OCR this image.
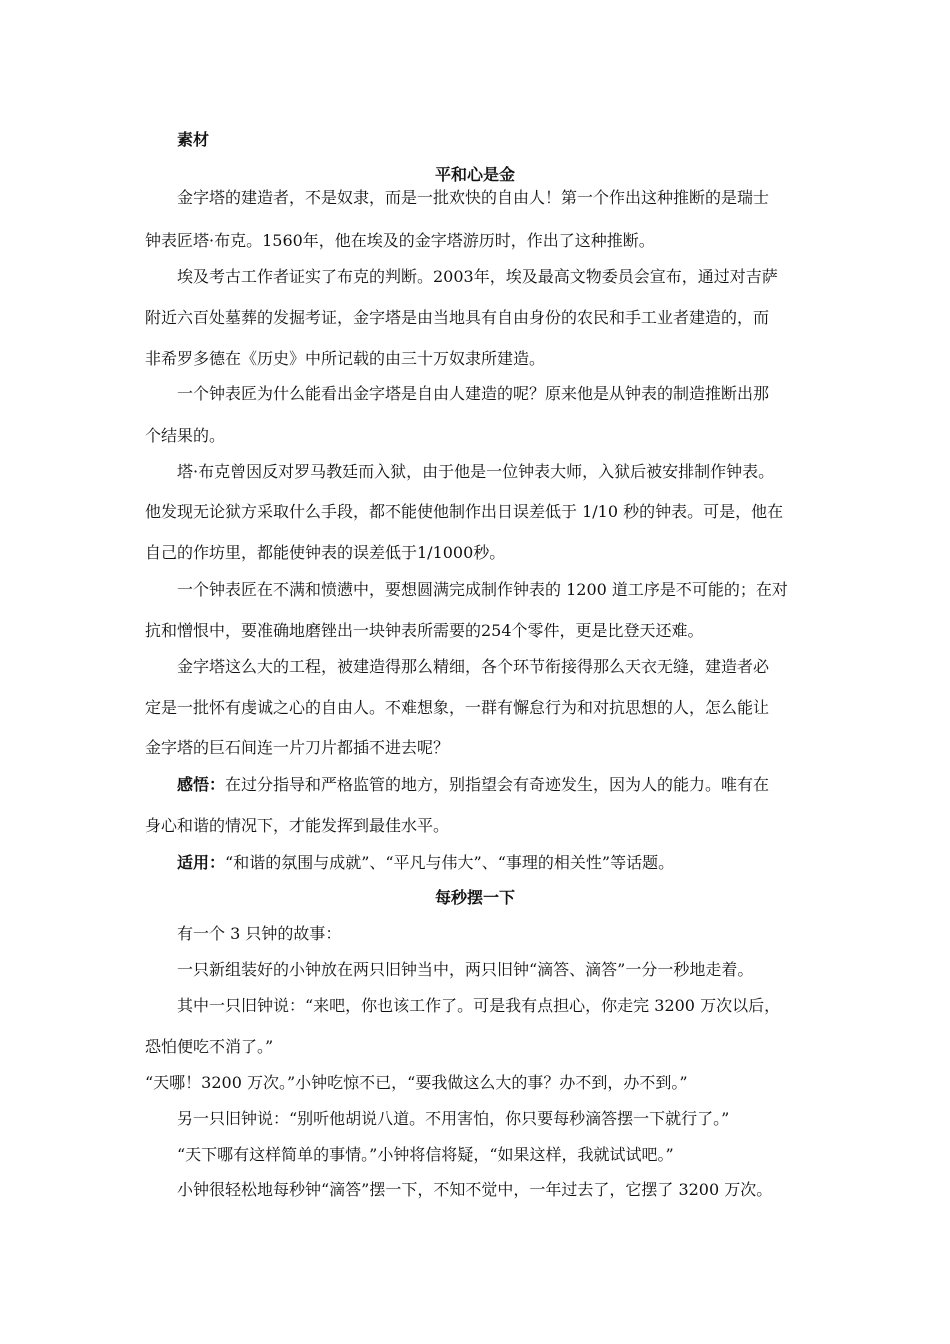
素材
平和心是金
金字塔的建造者，不是奴隶，而是一批欢快的自由人！第一个作出这种推断的是瑞士
钟表匠塔·布克。1560年，他在埃及的金字塔游历时，作出了这种推断。
埃及考古工作者证实了布克的判断。2003年，埃及最高文物委员会宣布，通过对吉萨
附近六百处墓葬的发掘考证，金字塔是由当地具有自由身份的农民和手工业者建造的，而
非希罗多德在《历史》中所记载的由三十万奴隶所建造。
一个钟表匠为什么能看出金字塔是自由人建造的呢？原来他是从钟表的制造推断出那
个结果的。
塔·布克曾因反对罗马教廷而入狱，由于他是一位钟表大师，入狱后被安排制作钟表。
他发现无论狱方采取什么手段，都不能使他制作出日误差低于 1/10 秒的钟表。可是，他在
自己的作坊里，都能使钟表的误差低于1/1000秒。
一个钟表匠在不满和愤懑中，要想圆满完成制作钟表的 1200 道工序是不可能的；在对
抗和憎恨中，要准确地磨锉出一块钟表所需要的254个零件，更是比登天还难。
金字塔这么大的工程，被建造得那么精细，各个环节衔接得那么天衣无缝，建造者必
定是一批怀有虔诚之心的自由人。不难想象，一群有懈怠行为和对抗思想的人，怎么能让
金字塔的巨石间连一片刀片都插不进去呢？
感悟：在过分指导和严格监管的地方，别指望会有奇迹发生，因为人的能力。唯有在
身心和谐的情况下，才能发挥到最佳水平。
适用：“和谐的氛围与成就”、“平凡与伟大”、“事理的相关性”等话题。
每秒摆一下
有一个 3 只钟的故事：
一只新组装好的小钟放在两只旧钟当中，两只旧钟“滴答、滴答”一分一秒地走着。
其中一只旧钟说：“来吧，你也该工作了。可是我有点担心，你走完 3200 万次以后，
恐怕便吃不消了。”
“天哪！3200 万次。”小钟吃惊不已，“要我做这么大的事？办不到，办不到。”
另一只旧钟说：“别听他胡说八道。不用害怕，你只要每秒滴答摆一下就行了。”
“天下哪有这样简单的事情。”小钟将信将疑，“如果这样，我就试试吧。”
小钟很轻松地每秒钟“滴答”摆一下，不知不觉中，一年过去了，它摆了 3200 万次。
